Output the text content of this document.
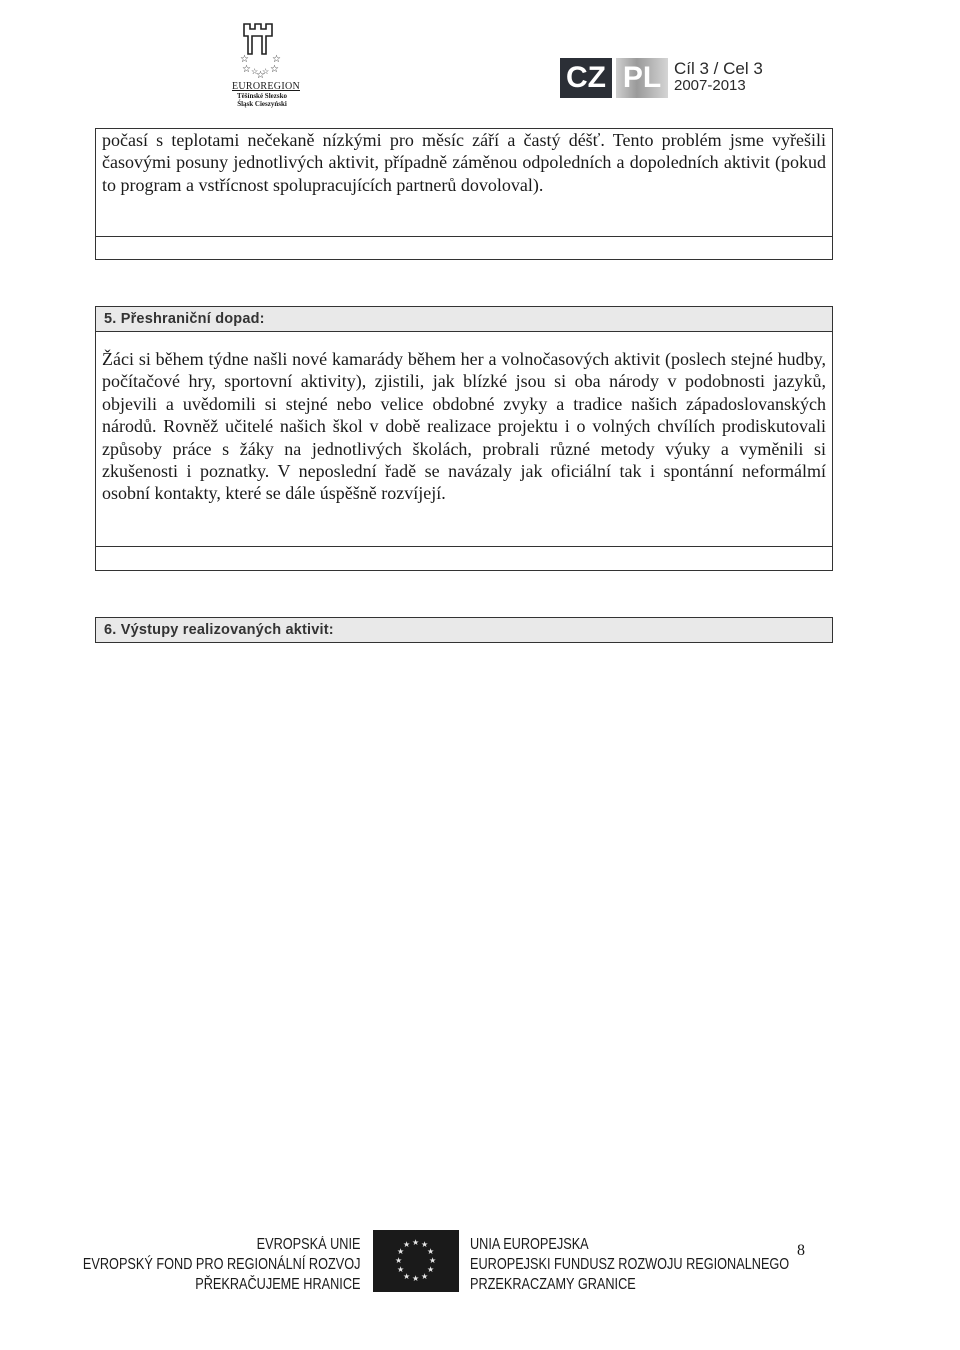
☆ ☆
☆ ☆
☆
☆ ☆
EUROREGION
Těšínské Slezsko
Śląsk Cieszyński
CZ PL Cíl 3 / Cel 3
2007-2013
počasí s teplotami nečekaně nízkými pro měsíc září a častý déšť. Tento problém jsme vyřešili časovými posuny jednotlivých aktivit, případně záměnou odpoledních a dopoledních aktivit (pokud to program a vstřícnost spolupracujících partnerů dovoloval).
5. Přeshraniční dopad:
Žáci si během týdne našli nové kamarády během her a volnočasových aktivit (poslech stejné hudby, počítačové hry, sportovní aktivity), zjistili, jak blízké jsou si oba národy v podobnosti jazyků, objevili a uvědomili si stejné nebo velice obdobné zvyky a tradice našich západoslovanských národů. Rovněž učitelé našich škol v době realizace projektu i o volných chvílích prodiskutovali způsoby práce s žáky na jednotlivých školách, probrali různé metody výuky a vyměnili si zkušenosti i poznatky. V neposlední řadě se navázaly jak oficiální tak i spontánní neformálmí osobní kontakty, které se dále úspěšně rozvíjejí.
6. Výstupy realizovaných aktivit:
EVROPSKÁ UNIE
EVROPSKÝ FOND PRO REGIONÁLNÍ ROZVOJ
PŘEKRAČUJEME HRANICE
★ ★
★
★
★
★
★
★
★
★
★
★	UNIA EUROPEJSKA
EUROPEJSKI FUNDUSZ ROZWOJU REGIONALNEGO
PRZEKRACZAMY GRANICE
8
